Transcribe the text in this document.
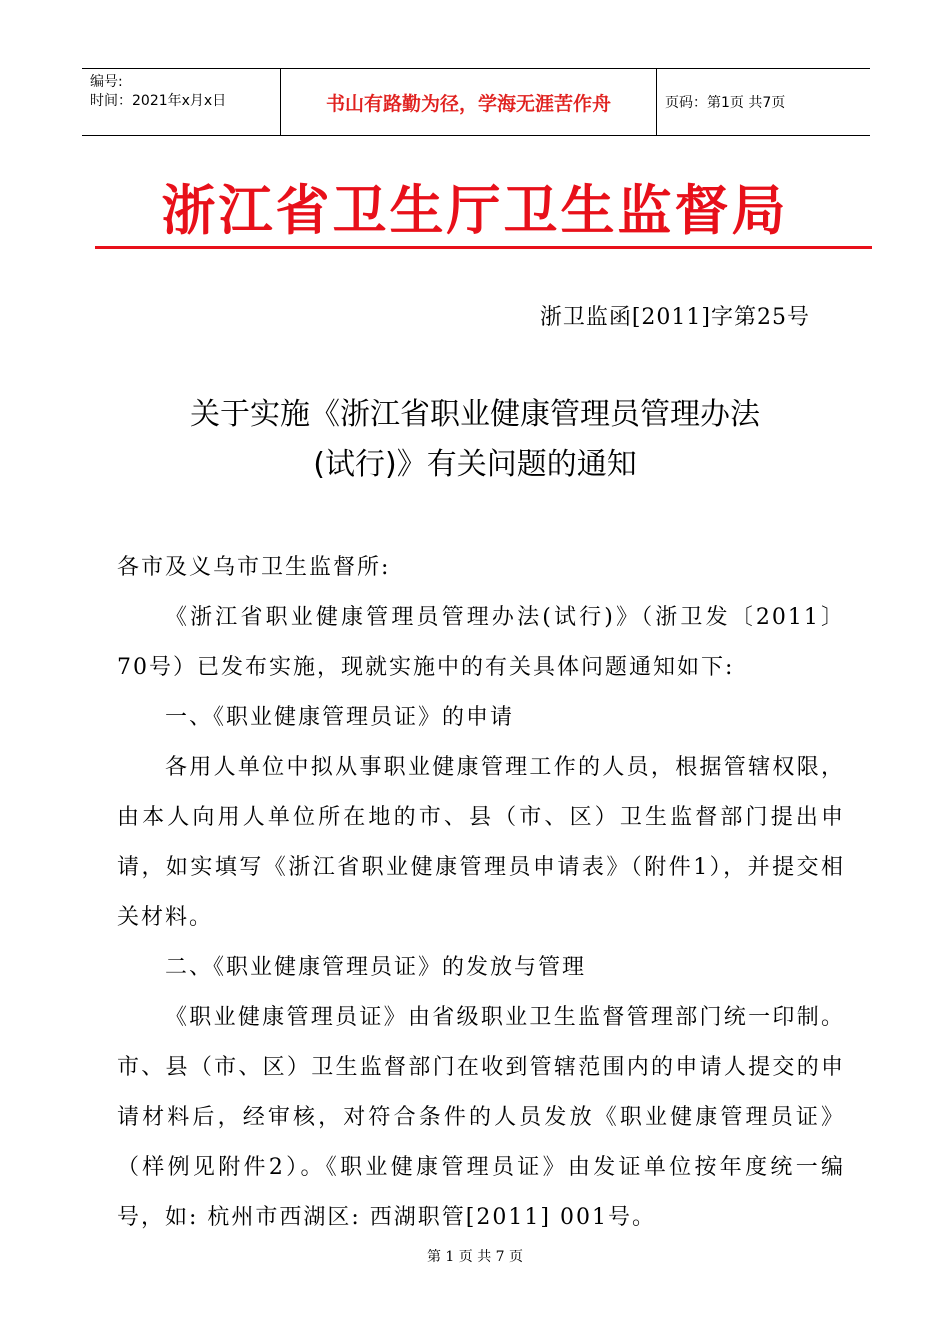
编号:
时间：2021年x月x日	书山有路勤为径，学海无涯苦作舟	页码：第1页 共7页
浙江省卫生厅卫生监督局
浙卫监函[2011]字第25号
关于实施《浙江省职业健康管理员管理办法
(试行)》有关问题的通知

各市及义乌市卫生监督所:

《浙江省职业健康管理员管理办法(试行)》（浙卫发〔2011〕70号）已发布实施，现就实施中的有关具体问题通知如下:

一、《职业健康管理员证》的申请

各用人单位中拟从事职业健康管理工作的人员，根据管辖权限，由本人向用人单位所在地的市、县（市、区）卫生监督部门提出申请，如实填写《浙江省职业健康管理员申请表》（附件1），并提交相关材料。

二、《职业健康管理员证》的发放与管理

《职业健康管理员证》由省级职业卫生监督管理部门统一印制。市、县（市、区）卫生监督部门在收到管辖范围内的申请人提交的申请材料后，经审核，对符合条件的人员发放《职业健康管理员证》（样例见附件2）。《职业健康管理员证》由发证单位按年度统一编号，如: 杭州市西湖区: 西湖职管[2011] 001号。

第 1 页 共 7 页
